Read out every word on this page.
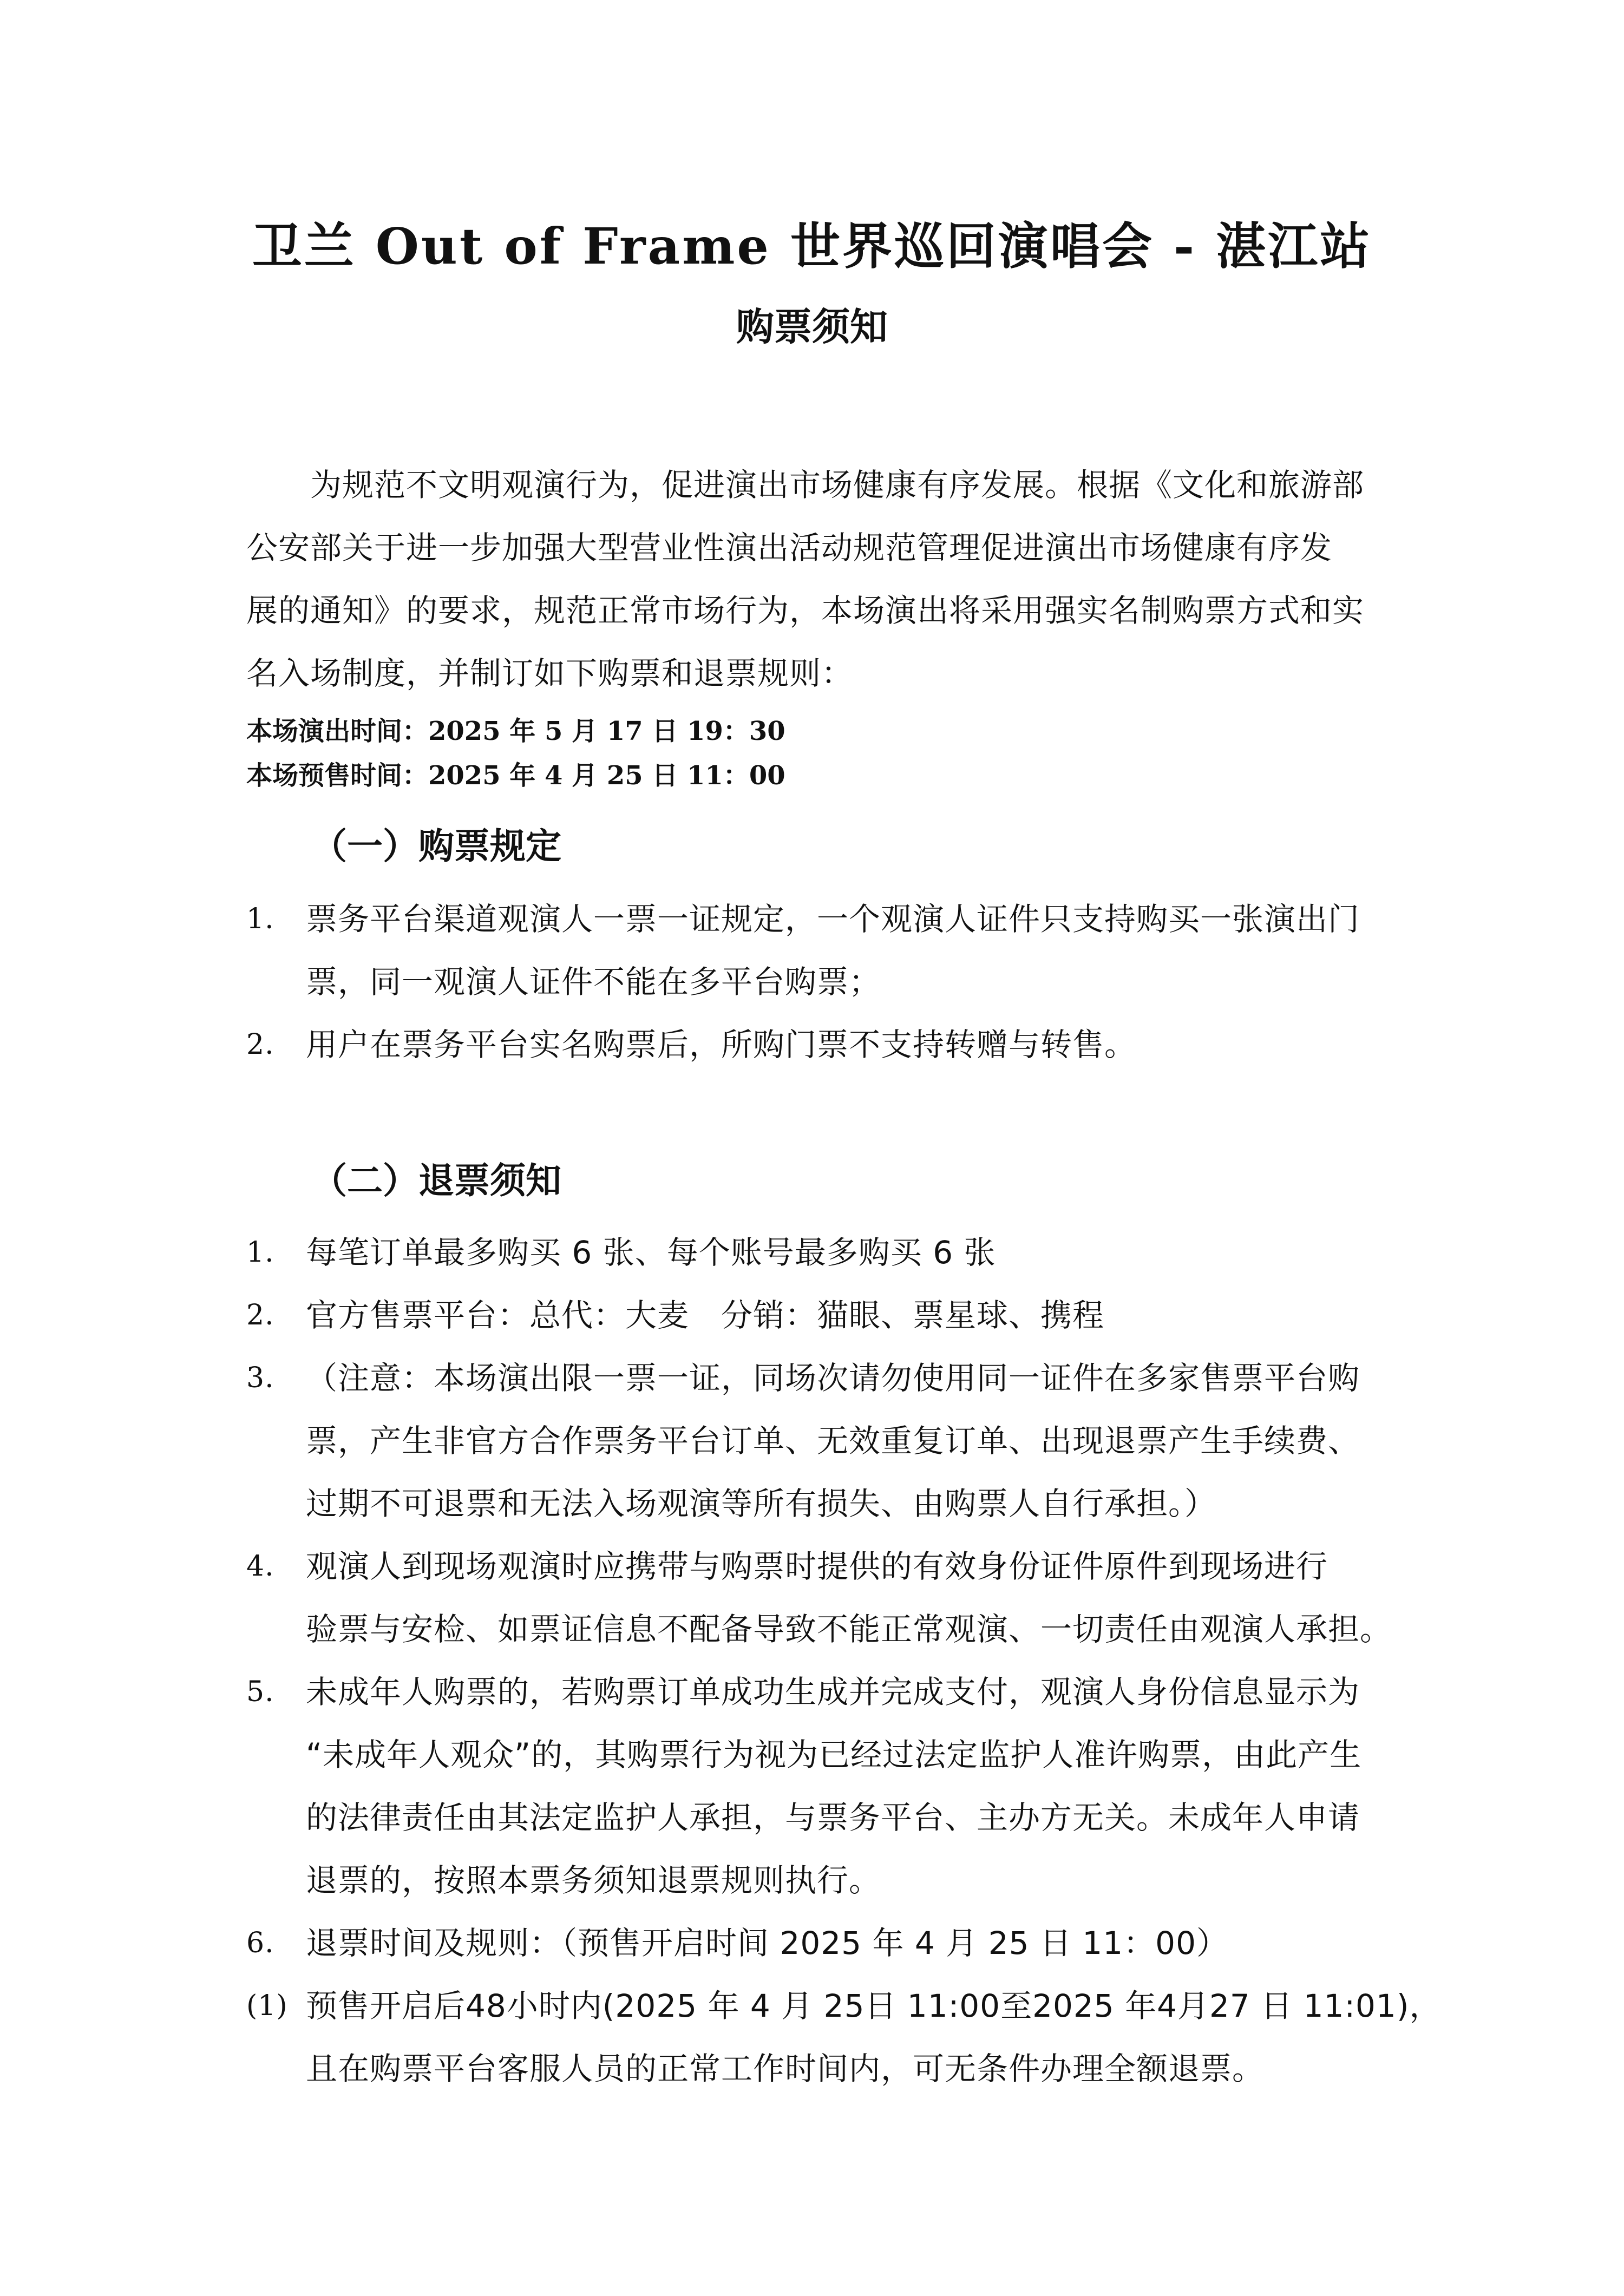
卫兰 Out of Frame 世界巡回演唱会 - 湛江站
购票须知
为规范不文明观演行为，促进演出市场健康有序发展。根据《文化和旅游部
公安部关于进一步加强大型营业性演出活动规范管理促进演出市场健康有序发
展的通知》的要求，规范正常市场行为，本场演出将采用强实名制购票方式和实
名入场制度，并制订如下购票和退票规则：
本场演出时间：2025 年 5 月 17 日 19：30
本场预售时间：2025 年 4 月 25 日 11：00
（一）购票规定
1.	票务平台渠道观演人一票一证规定，一个观演人证件只支持购买一张演出门
票，同一观演人证件不能在多平台购票；
2.	用户在票务平台实名购票后，所购门票不支持转赠与转售。
（二）退票须知
1.	每笔订单最多购买 6 张、每个账号最多购买 6 张
2.	官方售票平台：总代：大麦　分销：猫眼、票星球、携程
3.	（注意：本场演出限一票一证，同场次请勿使用同一证件在多家售票平台购
票，产生非官方合作票务平台订单、无效重复订单、出现退票产生手续费、
过期不可退票和无法入场观演等所有损失、由购票人自行承担。）
4.	观演人到现场观演时应携带与购票时提供的有效身份证件原件到现场进行
验票与安检、如票证信息不配备导致不能正常观演、一切责任由观演人承担。
5.	未成年人购票的，若购票订单成功生成并完成支付，观演人身份信息显示为
“未成年人观众”的，其购票行为视为已经过法定监护人准许购票，由此产生
的法律责任由其法定监护人承担，与票务平台、主办方无关。未成年人申请
退票的，按照本票务须知退票规则执行。
6.	退票时间及规则：（预售开启时间 2025 年 4 月 25 日 11：00）
(1) 预售开启后48小时内(2025 年 4 月 25日 11:00至2025 年4月27 日 11:01)，
且在购票平台客服人员的正常工作时间内，可无条件办理全额退票。
